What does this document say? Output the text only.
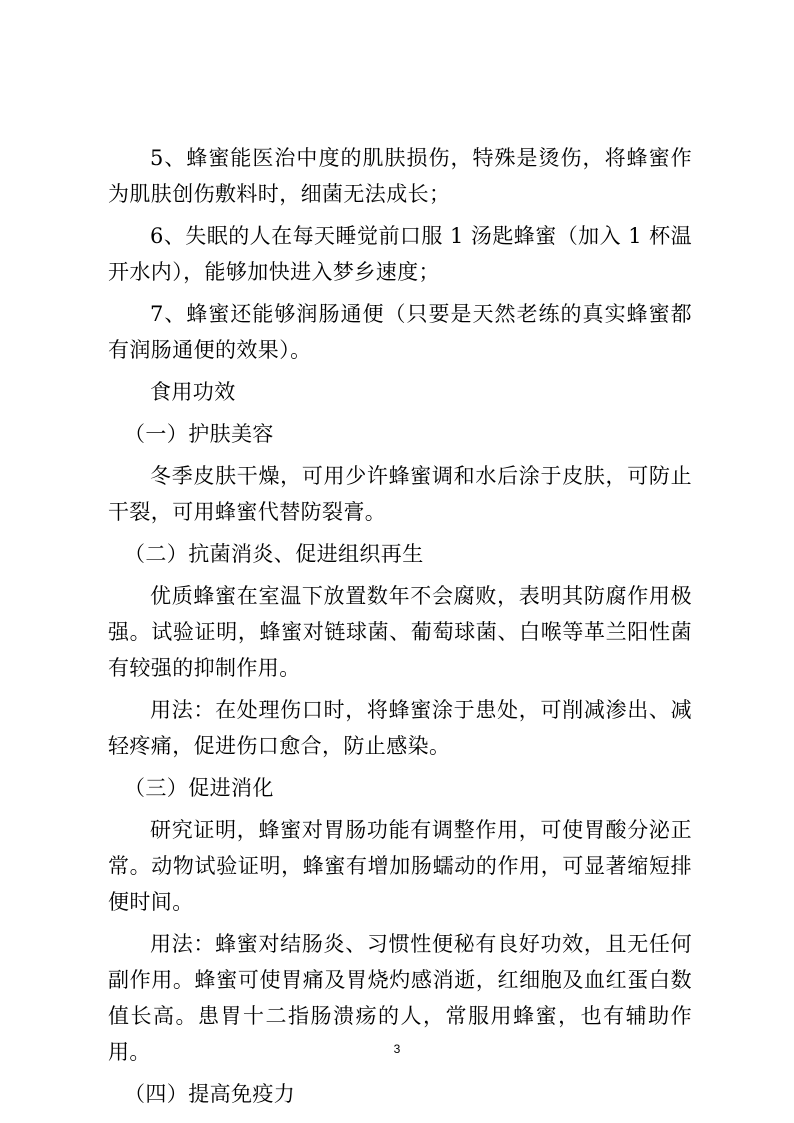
5、蜂蜜能医治中度的肌肤损伤，特殊是烫伤，将蜂蜜作为肌肤创伤敷料时，细菌无法成长；

6、失眠的人在每天睡觉前口服 1 汤匙蜂蜜（加入 1 杯温开水内），能够加快进入梦乡速度；

7、蜂蜜还能够润肠通便（只要是天然老练的真实蜂蜜都有润肠通便的效果）。

食用功效

（一）护肤美容

冬季皮肤干燥，可用少许蜂蜜调和水后涂于皮肤，可防止干裂，可用蜂蜜代替防裂膏。

（二）抗菌消炎、促进组织再生

优质蜂蜜在室温下放置数年不会腐败，表明其防腐作用极强。试验证明，蜂蜜对链球菌、葡萄球菌、白喉等革兰阳性菌有较强的抑制作用。

用法：在处理伤口时，将蜂蜜涂于患处，可削减渗出、减轻疼痛，促进伤口愈合，防止感染。

（三）促进消化

研究证明，蜂蜜对胃肠功能有调整作用，可使胃酸分泌正常。动物试验证明，蜂蜜有增加肠蠕动的作用，可显著缩短排便时间。

用法：蜂蜜对结肠炎、习惯性便秘有良好功效，且无任何副作用。蜂蜜可使胃痛及胃烧灼感消逝，红细胞及血红蛋白数值长高。患胃十二指肠溃疡的人，常服用蜂蜜，也有辅助作用。

（四）提高免疫力

3
